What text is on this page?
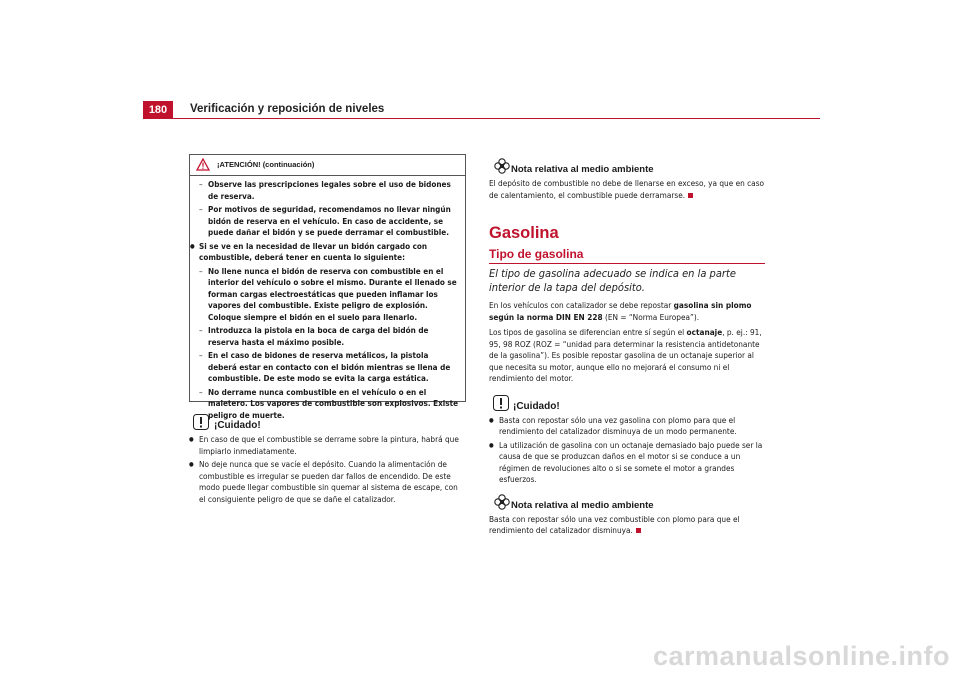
180	Verificación y reposición de niveles
¡ATENCIÓN! (continuación)
– Observe las prescripciones legales sobre el uso de bidones de reserva.
– Por motivos de seguridad, recomendamos no llevar ningún bidón de reserva en el vehículo. En caso de accidente, se puede dañar el bidón y se puede derramar el combustible.
● Si se ve en la necesidad de llevar un bidón cargado con combustible, deberá tener en cuenta lo siguiente:
– No llene nunca el bidón de reserva con combustible en el interior del vehículo o sobre el mismo. Durante el llenado se forman cargas electroestáticas que pueden inflamar los vapores del combustible. Existe peligro de explosión. Coloque siempre el bidón en el suelo para llenarlo.
– Introduzca la pistola en la boca de carga del bidón de reserva hasta el máximo posible.
– En el caso de bidones de reserva metálicos, la pistola deberá estar en contacto con el bidón mientras se llena de combustible. De este modo se evita la carga estática.
– No derrame nunca combustible en el vehículo o en el maletero. Los vapores de combustible son explosivos. Existe peligro de muerte.
¡Cuidado!
● En caso de que el combustible se derrame sobre la pintura, habrá que limpiarlo inmediatamente.
● No deje nunca que se vacíe el depósito. Cuando la alimentación de combustible es irregular se pueden dar fallos de encendido. De este modo puede llegar combustible sin quemar al sistema de escape, con el consiguiente peligro de que se dañe el catalizador.
Nota relativa al medio ambiente
El depósito de combustible no debe de llenarse en exceso, ya que en caso de calentamiento, el combustible puede derramarse.
Gasolina
Tipo de gasolina
El tipo de gasolina adecuado se indica en la parte interior de la tapa del depósito.
En los vehículos con catalizador se debe repostar gasolina sin plomo según la norma DIN EN 228 (EN = “Norma Europea”).
Los tipos de gasolina se diferencian entre sí según el octanaje, p. ej.: 91, 95, 98 ROZ (ROZ = “unidad para determinar la resistencia antidetonante de la gasolina”). Es posible repostar gasolina de un octanaje superior al que necesita su motor, aunque ello no mejorará el consumo ni el rendimiento del motor.
¡Cuidado!
● Basta con repostar sólo una vez gasolina con plomo para que el rendimiento del catalizador disminuya de un modo permanente.
● La utilización de gasolina con un octanaje demasiado bajo puede ser la causa de que se produzcan daños en el motor si se conduce a un régimen de revoluciones alto o si se somete el motor a grandes esfuerzos.
Nota relativa al medio ambiente
Basta con repostar sólo una vez combustible con plomo para que el rendimiento del catalizador disminuya.
carmanualsonline.info
